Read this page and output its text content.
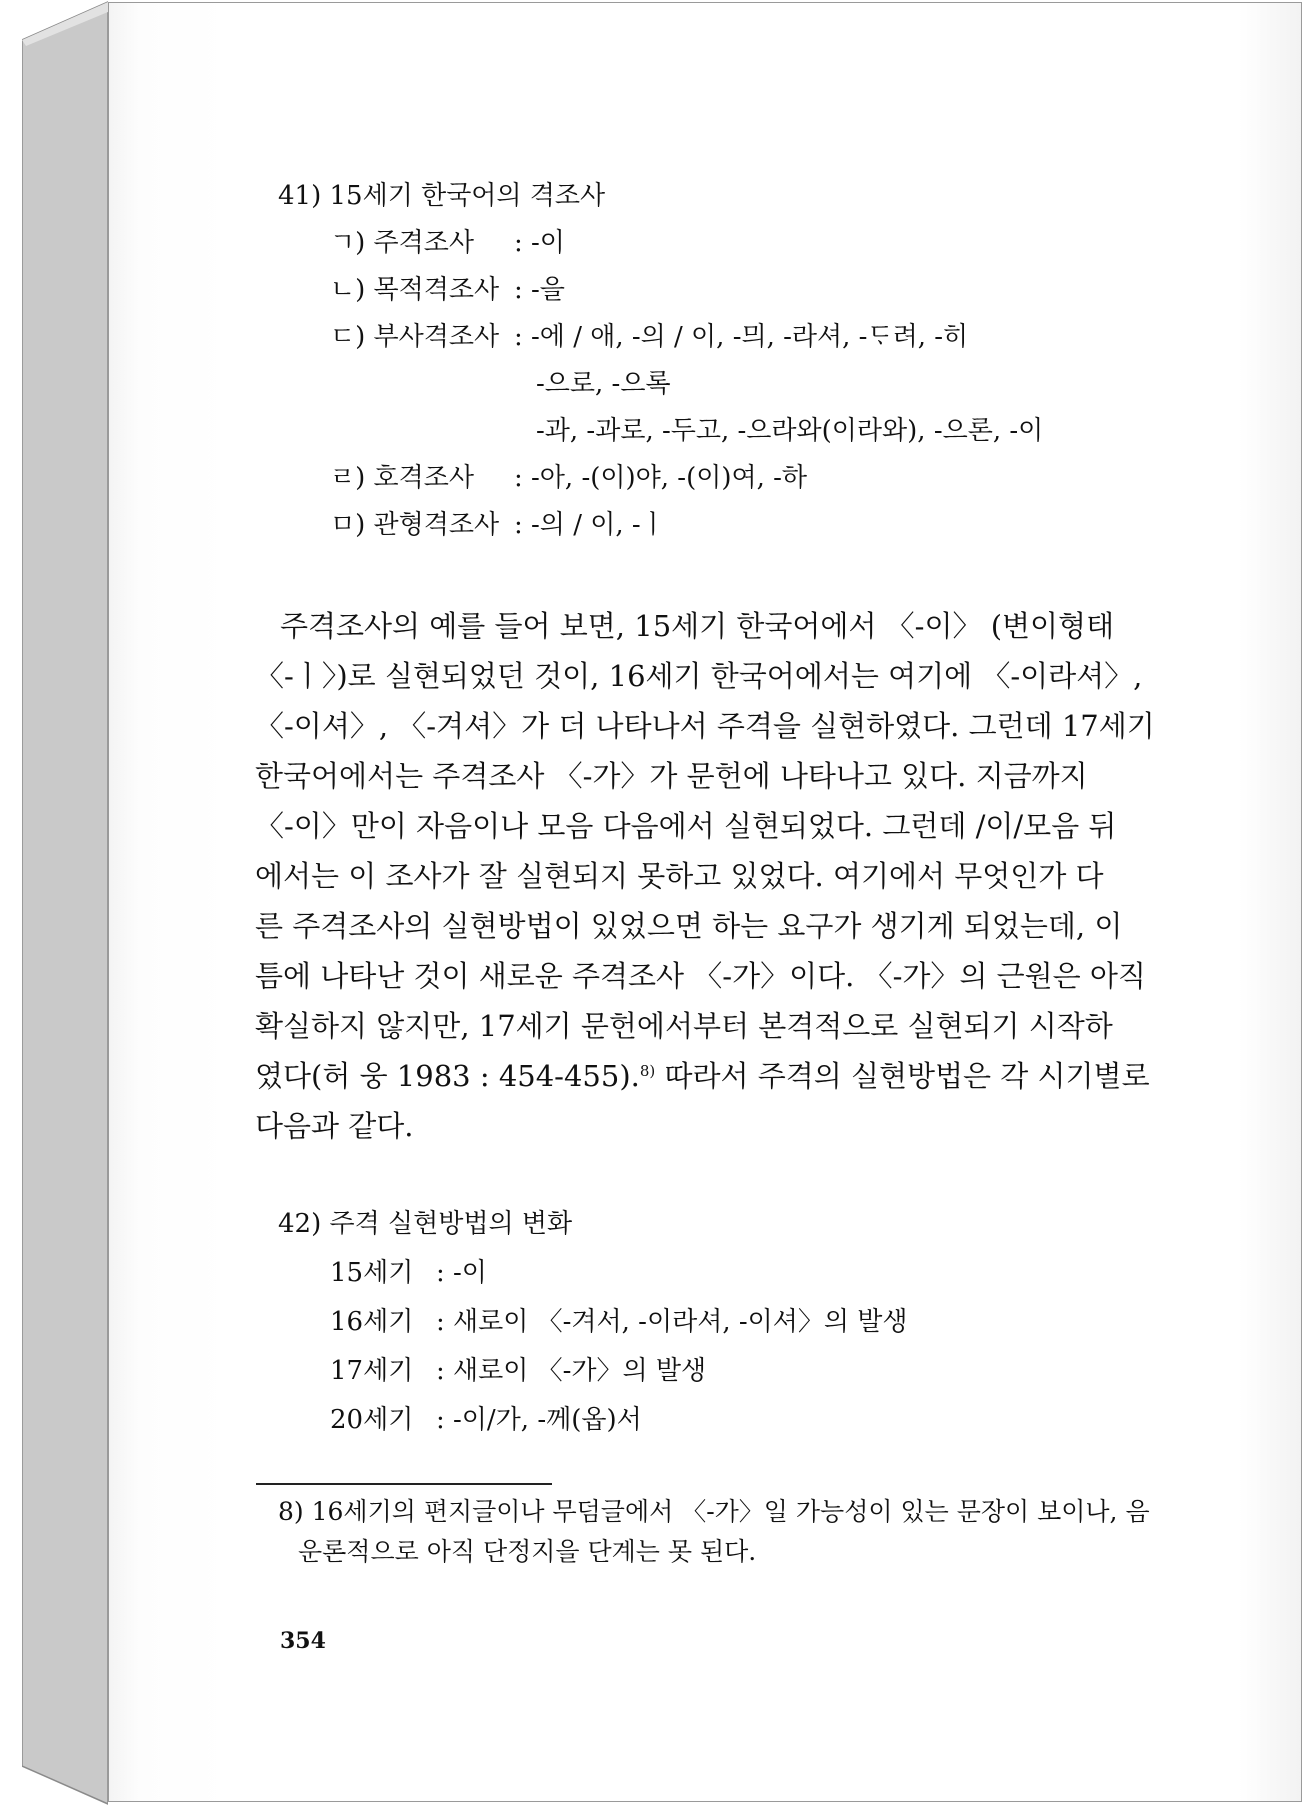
41) 15세기 한국어의 격조사
ㄱ) 주격조사 : -이
ㄴ) 목적격조사 : -을
ㄷ) 부사격조사 : -에 / 애, -의 / 이, -믜, -라셔, -ᄃᆞ려, -히
-으로, -으록
-과, -과로, -두고, -으라와(이라와), -으론, -이
ㄹ) 호격조사 : -아, -(이)야, -(이)여, -하
ㅁ) 관형격조사 : -의 / 이, -ㅣ
주격조사의 예를 들어 보면, 15세기 한국어에서 〈-이〉 (변이형태
〈-ㅣ〉)로 실현되었던 것이, 16세기 한국어에서는 여기에 〈-이라셔〉,
〈-이셔〉, 〈-겨셔〉가 더 나타나서 주격을 실현하였다. 그런데 17세기
한국어에서는 주격조사 〈-가〉가 문헌에 나타나고 있다. 지금까지
〈-이〉만이 자음이나 모음 다음에서 실현되었다. 그런데 /이/모음 뒤
에서는 이 조사가 잘 실현되지 못하고 있었다. 여기에서 무엇인가 다
른 주격조사의 실현방법이 있었으면 하는 요구가 생기게 되었는데, 이
틈에 나타난 것이 새로운 주격조사 〈-가〉이다. 〈-가〉의 근원은 아직
확실하지 않지만, 17세기 문헌에서부터 본격적으로 실현되기 시작하
였다(허 웅 1983 : 454-455).$^{8)}$ 따라서 주격의 실현방법은 각 시기별로
다음과 같다.
42) 주격 실현방법의 변화
15세기 : -이
16세기 : 새로이 〈-겨서, -이라셔, -이셔〉의 발생
17세기 : 새로이 〈-가〉의 발생
20세기 : -이/가, -께(옵)서
8) 16세기의 편지글이나 무덤글에서 〈-가〉일 가능성이 있는 문장이 보이나, 음
운론적으로 아직 단정지을 단계는 못 된다.
354
